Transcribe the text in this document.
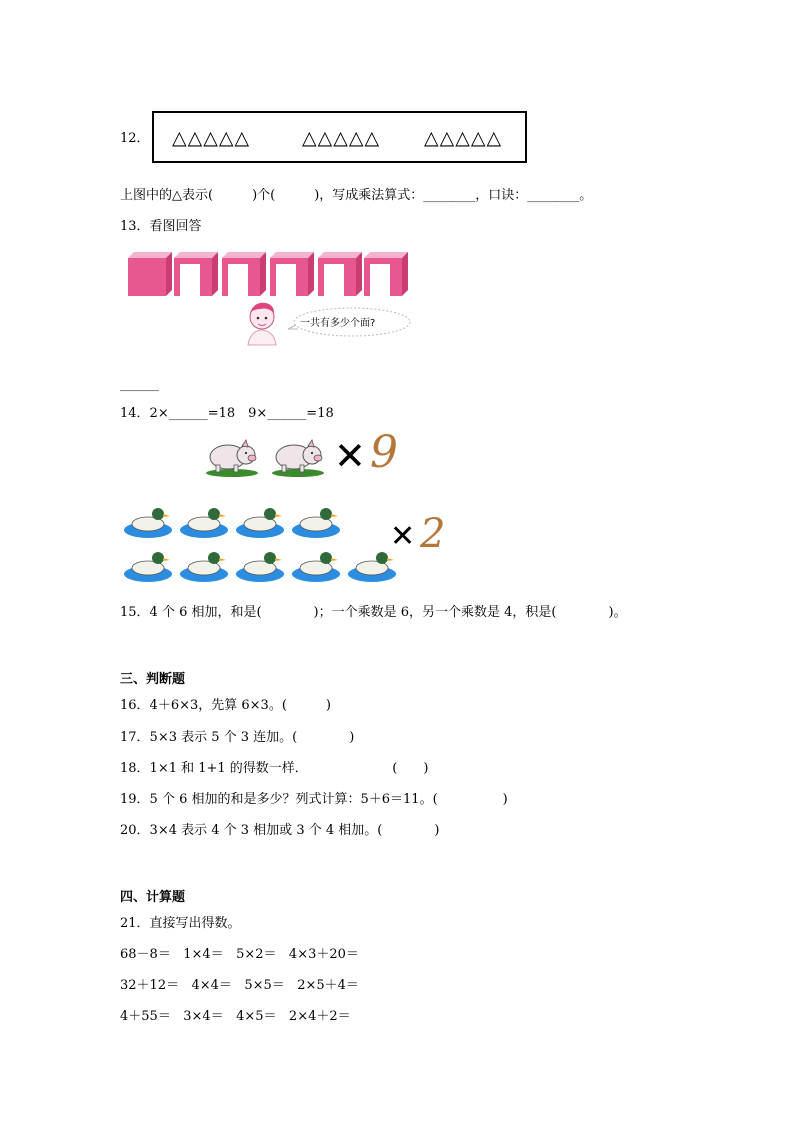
12． △△△△△	△△△△△ △△△△△
上图中的△表示(　　　)个(　　　)，写成乘法算式：________，口诀：________。
13．看图回答
一共有多少个面?
______
14．2×______=18　9×______=18
✕ 9
✕ 2
15．4 个 6 相加，和是(　　　　)；一个乘数是 6，另一个乘数是 4，积是(　　　　)。
三、判断题
16．4＋6×3，先算 6×3。(　　　)
17．5×3 表示 5 个 3 连加。(　　　　)
18．1×1 和 1+1 的得数一样．　　　　　　　(　　)
19．5 个 6 相加的和是多少？列式计算：5＋6＝11。(　　　　　)
20．3×4 表示 4 个 3 相加或 3 个 4 相加。(　　　　)
四、计算题
21．直接写出得数。
68－8＝ 1×4＝ 5×2＝ 4×3＋20＝
32＋12＝ 4×4＝ 5×5＝ 2×5＋4＝
4＋55＝ 3×4＝ 4×5＝ 2×4＋2＝
